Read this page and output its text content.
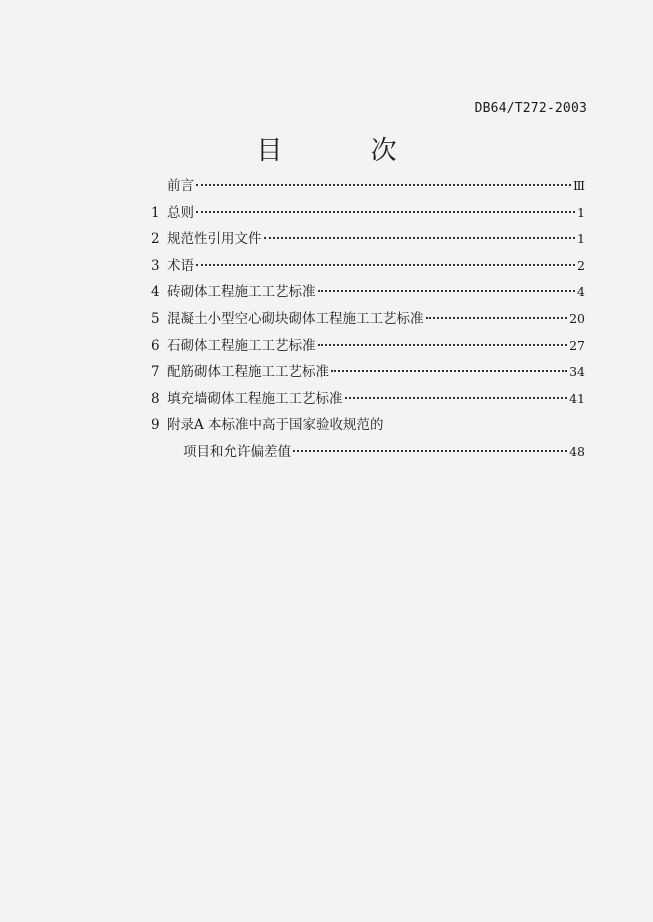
DB64/T272-2003
目 次
前言	Ⅲ
1 总则	1
2 规范性引用文件	1
3 术语	2
4 砖砌体工程施工工艺标准	4
5 混凝土小型空心砌块砌体工程施工工艺标准	20
6 石砌体工程施工工艺标准	27
7 配筋砌体工程施工工艺标准	34
8 填充墙砌体工程施工工艺标准	41
9 附录A 本标准中高于国家验收规范的
项目和允许偏差值	48
